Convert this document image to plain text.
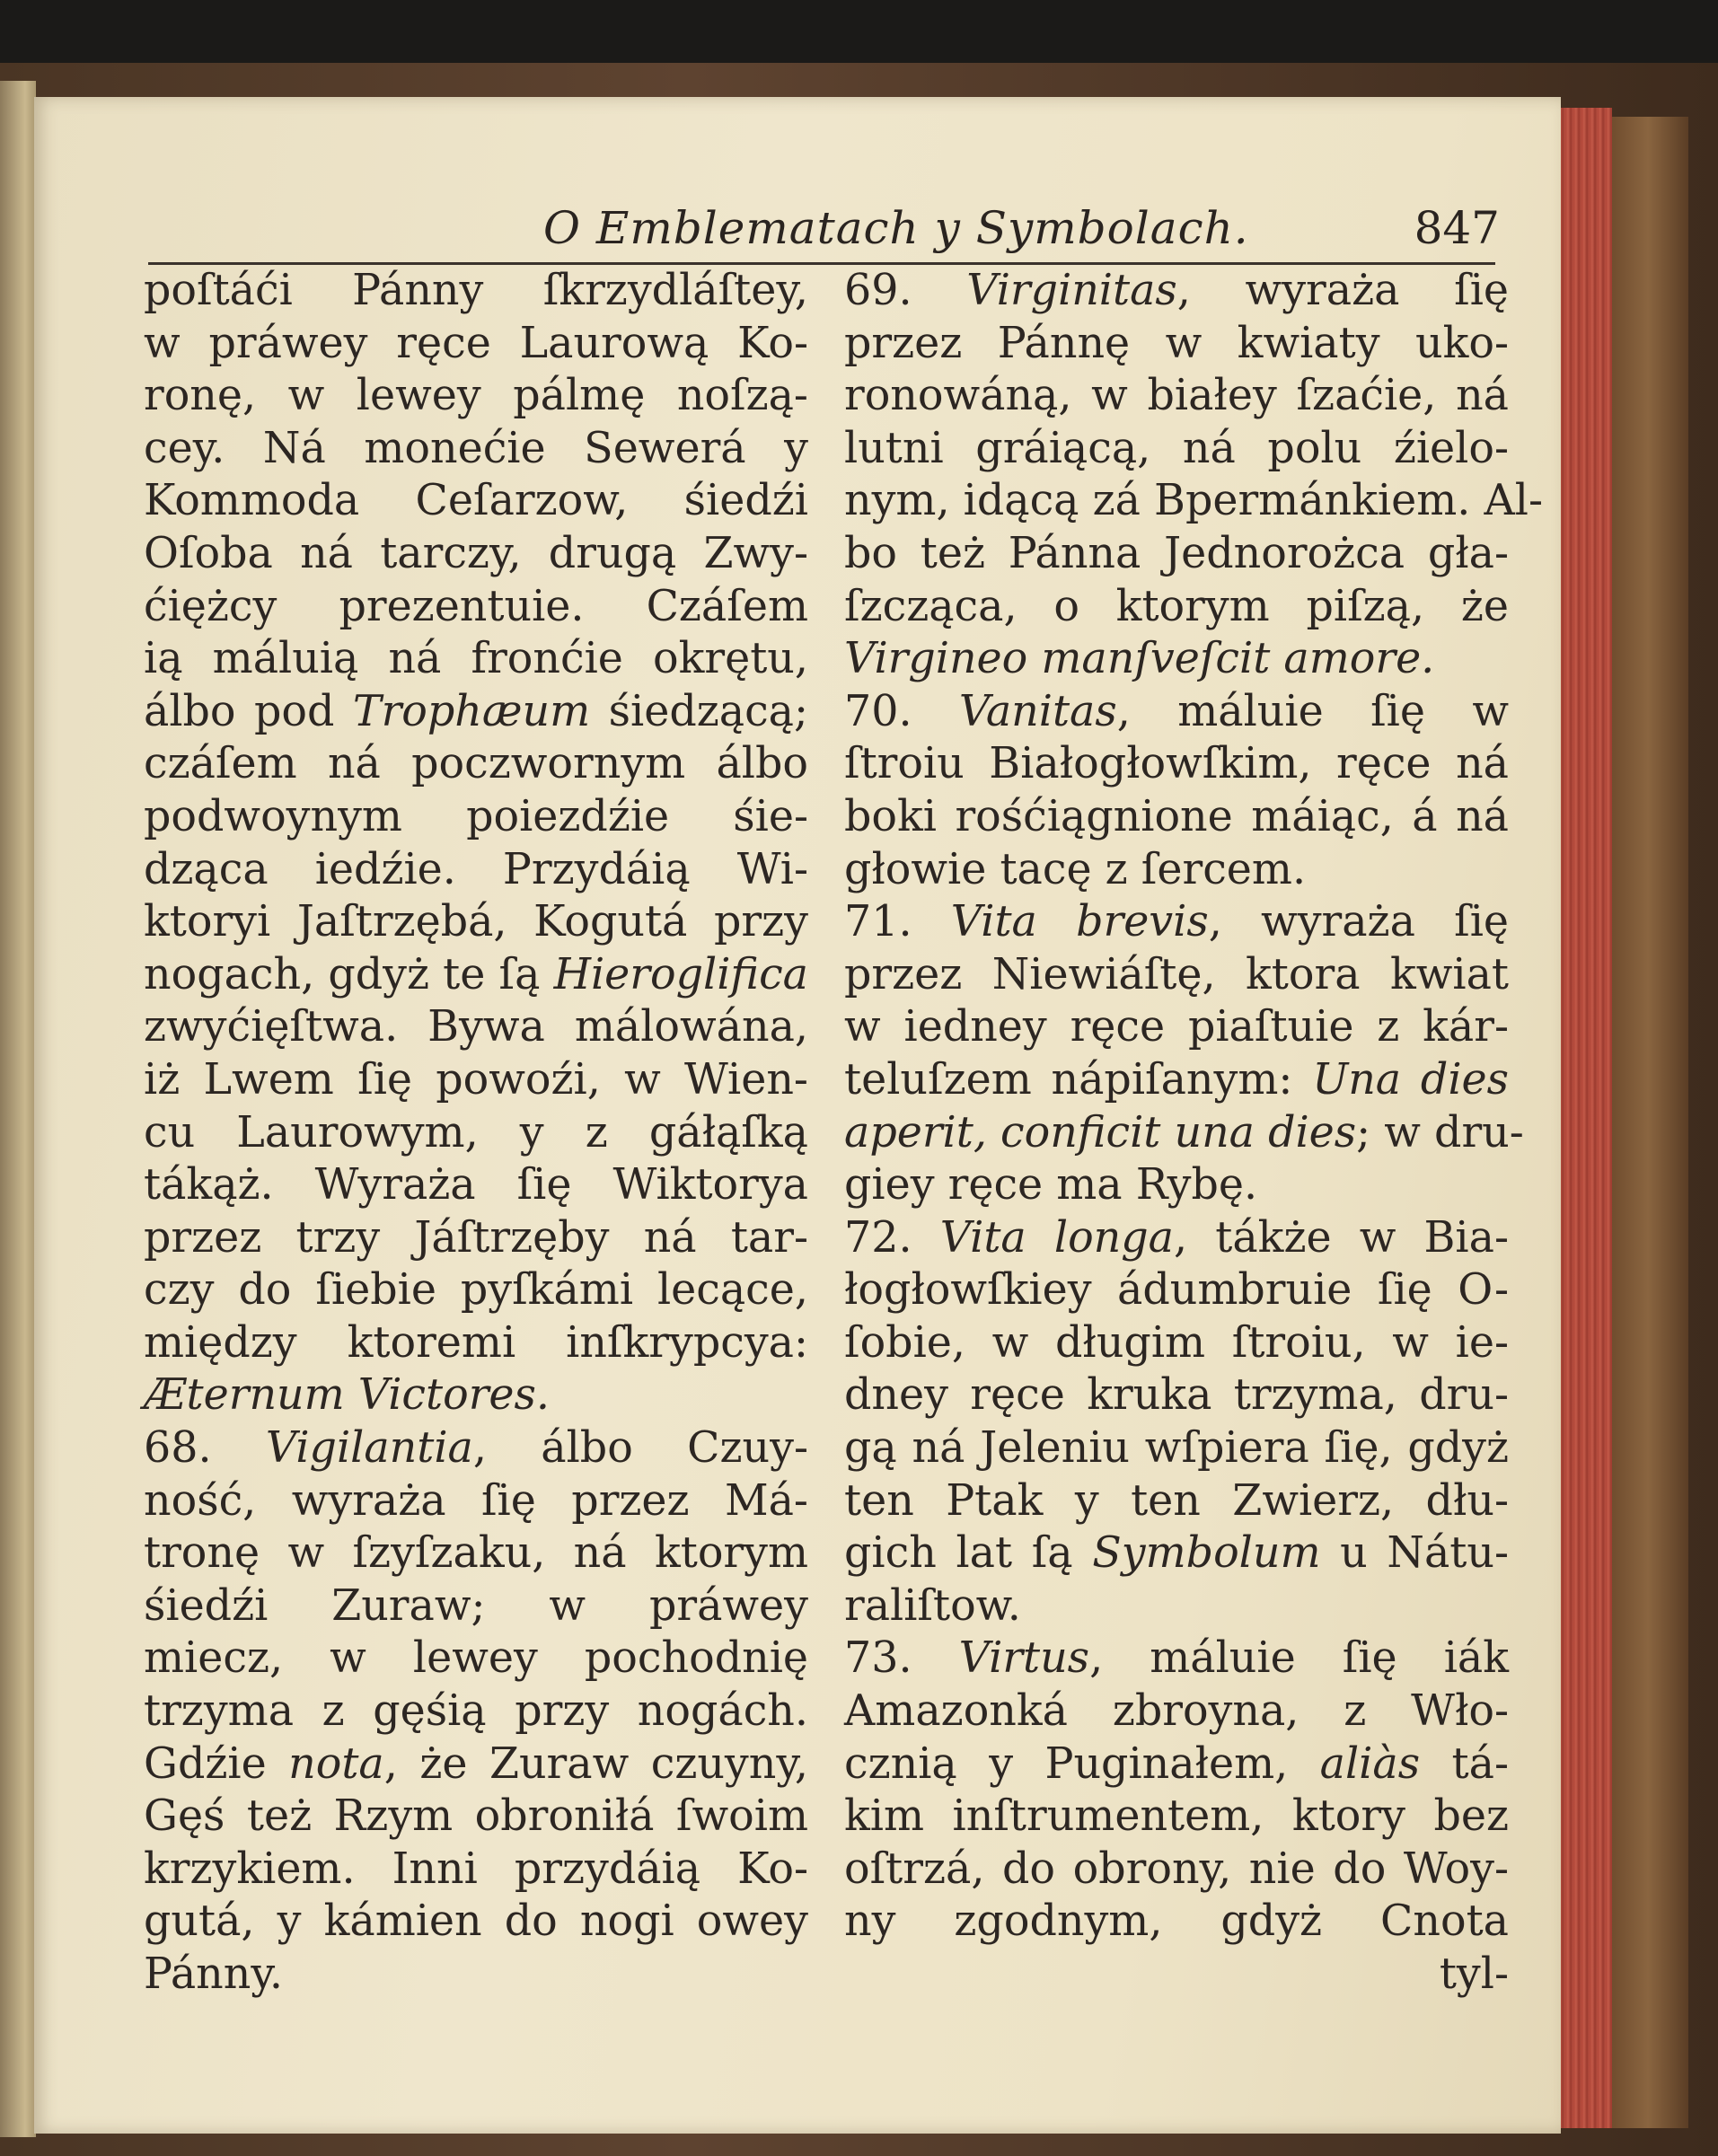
O Emblematach y Symbolach.	847
poſtáći Pánny ſkrzydláſtey,
w práwey ręce Laurową Ko-
ronę, w lewey pálmę noſzą-
cey. Ná monećie Sewerá y
Kommoda Ceſarzow, śiedźi
Oſoba ná tarczy, drugą Zwy-
ćiężcy prezentuie. Czáſem
ią máluią ná fronćie okrętu,
álbo pod Trophæum śiedzącą;
czáſem ná poczwornym álbo
podwoynym poiezdźie śie-
dząca iedźie. Przydáią Wi-
ktoryi Jaſtrzębá, Kogutá przy
nogach, gdyż te ſą Hieroglifica
zwyćięſtwa. Bywa málowána,
iż Lwem ſię powoźi, w Wien-
cu Laurowym, y z gáłąſką
tákąż. Wyraża ſię Wiktorya
przez trzy Jáſtrzęby ná tar-
czy do ſiebie pyſkámi lecące,
między ktoremi inſkrypcya:
Æternum Victores.
68. Vigilantia, álbo Czuy-
ność, wyraża ſię przez Má-
tronę w ſzyſzaku, ná ktorym
śiedźi Zuraw; w práwey
miecz, w lewey pochodnię
trzyma z gęśią przy nogách.
Gdźie nota, że Zuraw czuyny,
Gęś też Rzym obroniłá ſwoim
krzykiem. Inni przydáią Ko-
gutá, y kámien do nogi owey
Pánny.
69. Virginitas, wyraża ſię
przez Pánnę w kwiaty uko-
ronowáną, w białey ſzaćie, ná
lutni gráiącą, ná polu źielo-
nym, idącą zá Bpermánkiem. Al-
bo też Pánna Jednorożca gła-
ſzcząca, o ktorym piſzą, że
Virgineo manſveſcit amore.
70. Vanitas, máluie ſię w
ſtroiu Białogłowſkim, ręce ná
boki rośćiągnione máiąc, á ná
głowie tacę z ſercem.
71. Vita brevis, wyraża ſię
przez Niewiáſtę, ktora kwiat
w iedney ręce piaſtuie z kár-
teluſzem nápiſanym: Una dies
aperit, conficit una dies; w dru-
giey ręce ma Rybę.
72. Vita longa, tákże w Bia-
łogłowſkiey ádumbruie ſię O-
ſobie, w długim ſtroiu, w ie-
dney ręce kruka trzyma, dru-
gą ná Jeleniu wſpiera ſię, gdyż
ten Ptak y ten Zwierz, dłu-
gich lat ſą Symbolum u Nátu-
raliſtow.
73. Virtus, máluie ſię iák
Amazonká zbroyna, z Wło-
cznią y Puginałem, aliàs tá-
kim inſtrumentem, ktory bez
oſtrzá, do obrony, nie do Woy-
ny zgodnym, gdyż Cnota
tyl-
